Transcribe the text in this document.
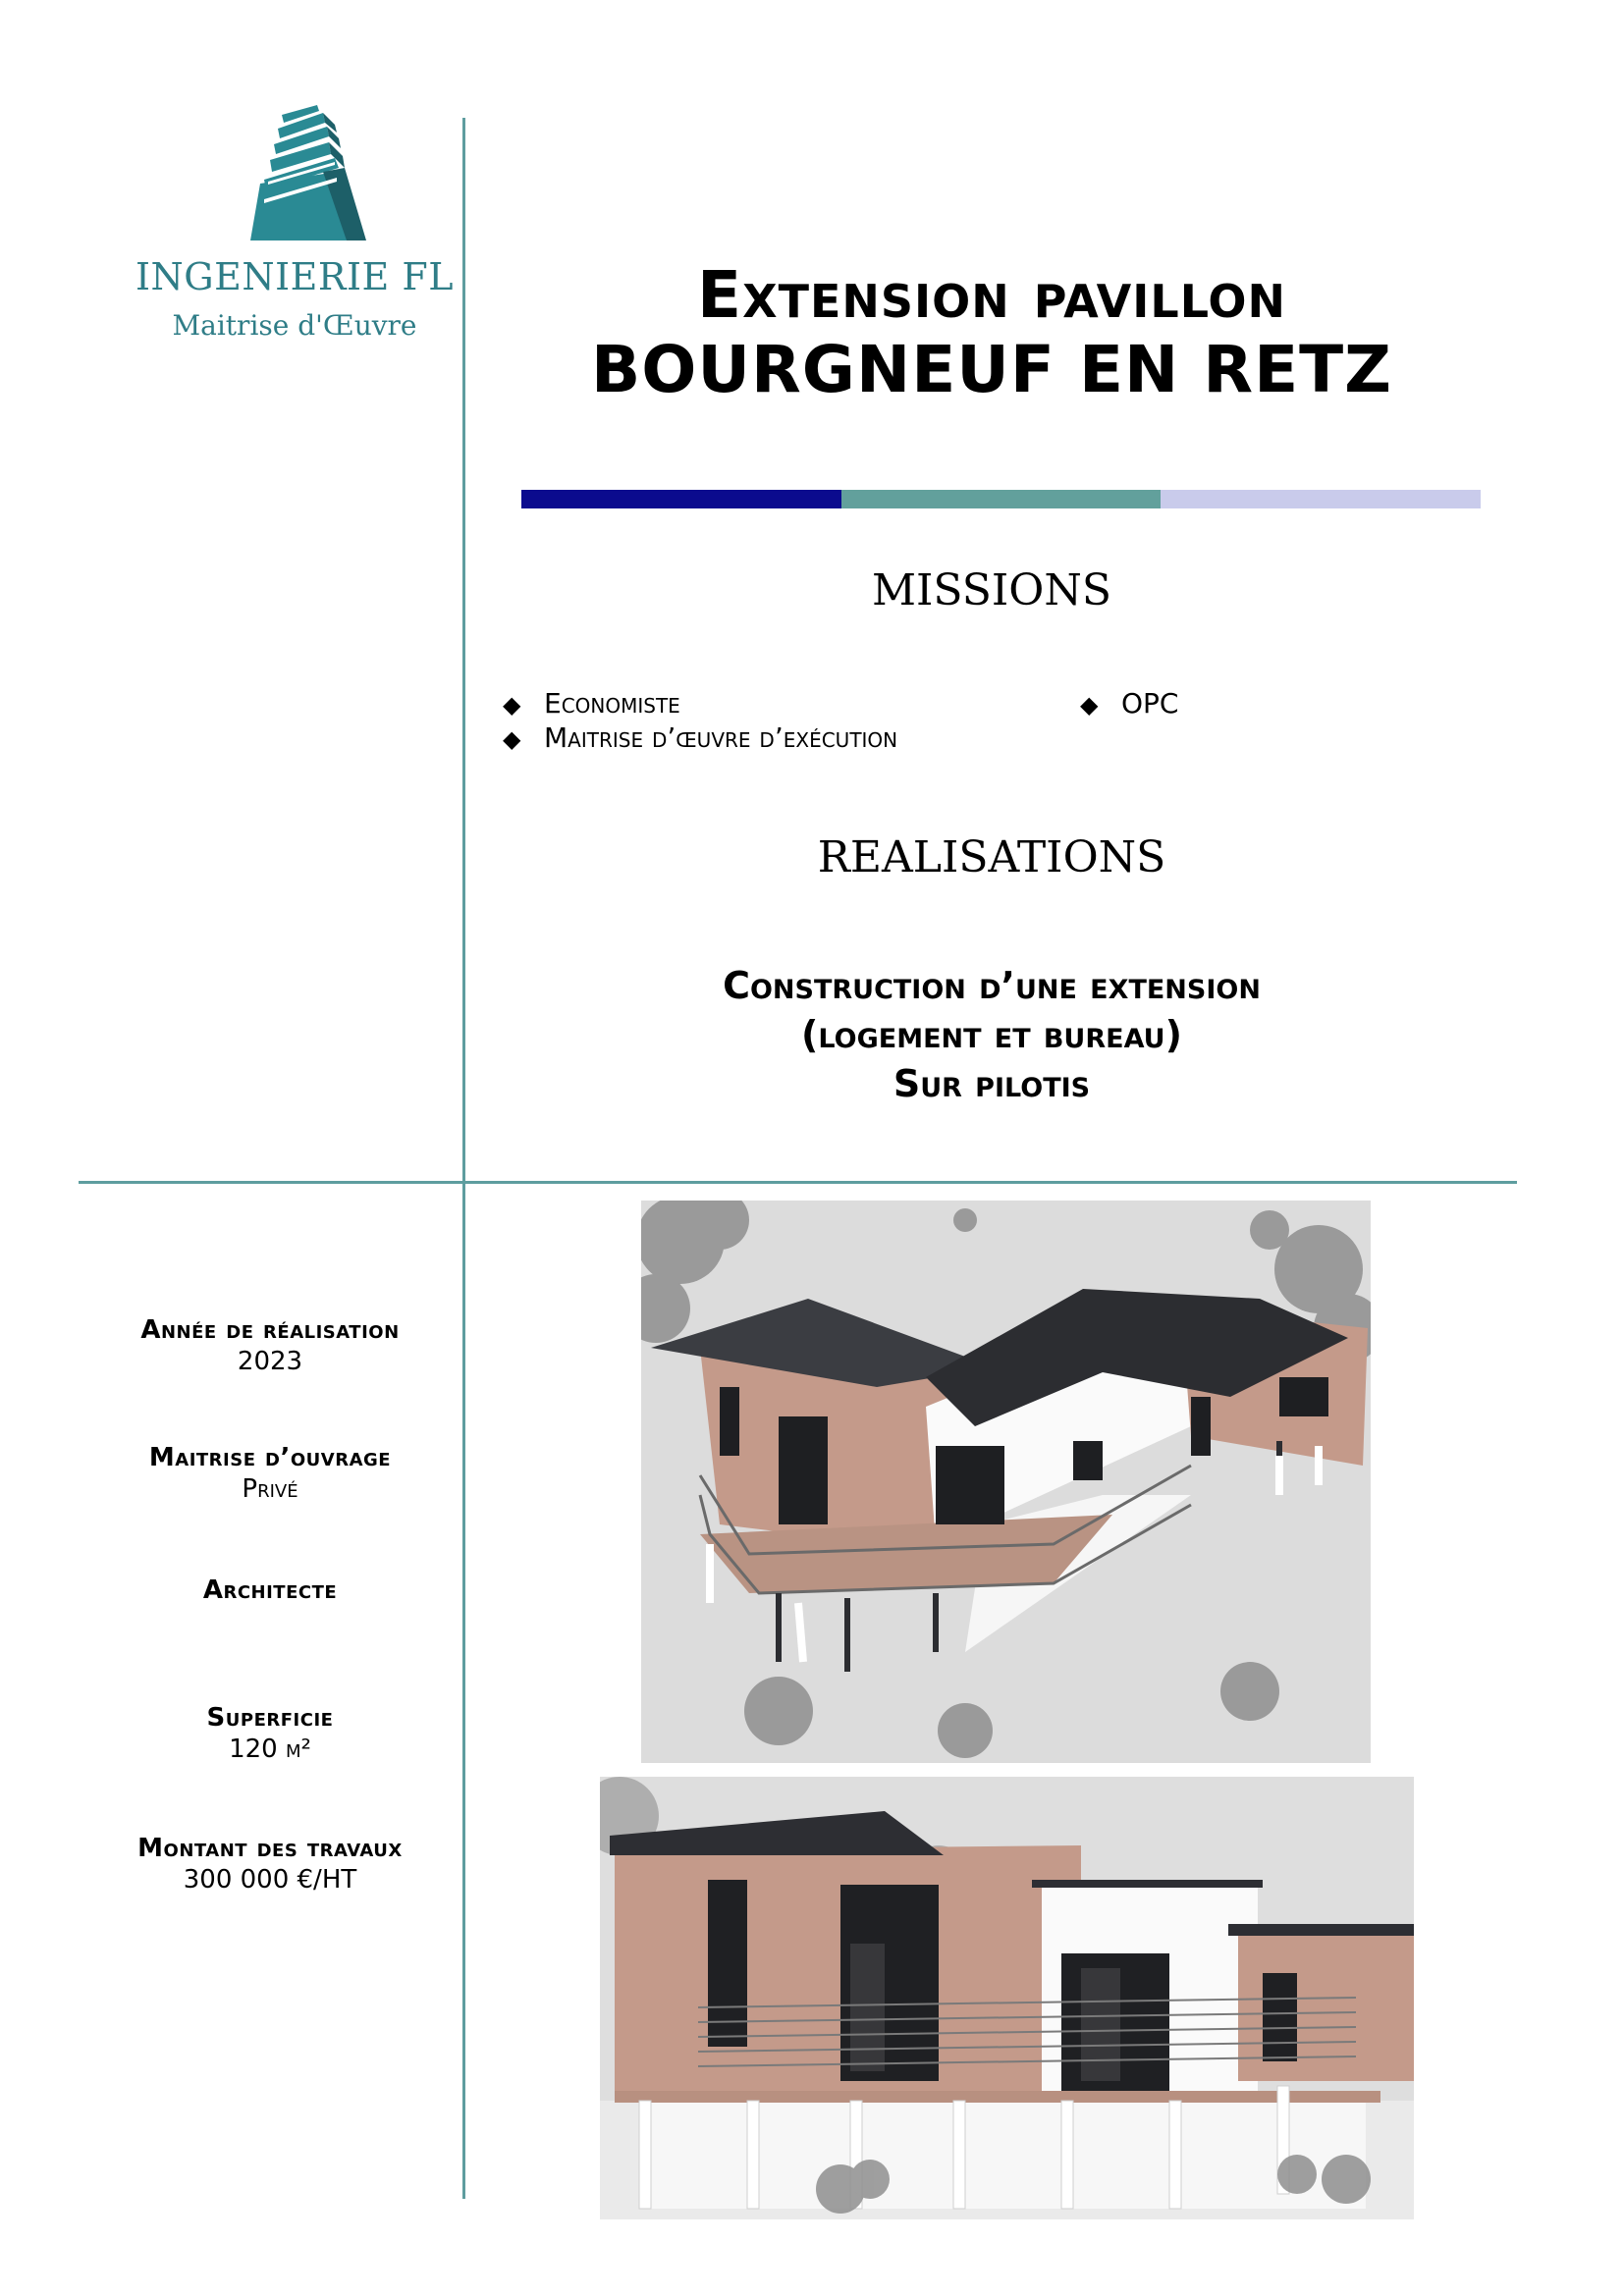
INGENIERIE FL
Maitrise d'Œuvre	Extension pavillon
BOURGNEUF EN RETZ
MISSIONS
◆ Economiste
◆ Maitrise d’œuvre d’exécution
◆ OPC
REALISATIONS
Construction d’une extension
(logement et bureau)
Sur pilotis
Année de réalisation
2023
Maitrise d’ouvrage
Privé
Architecte
Superficie
120 m²
Montant des travaux
300 000 €/HT
